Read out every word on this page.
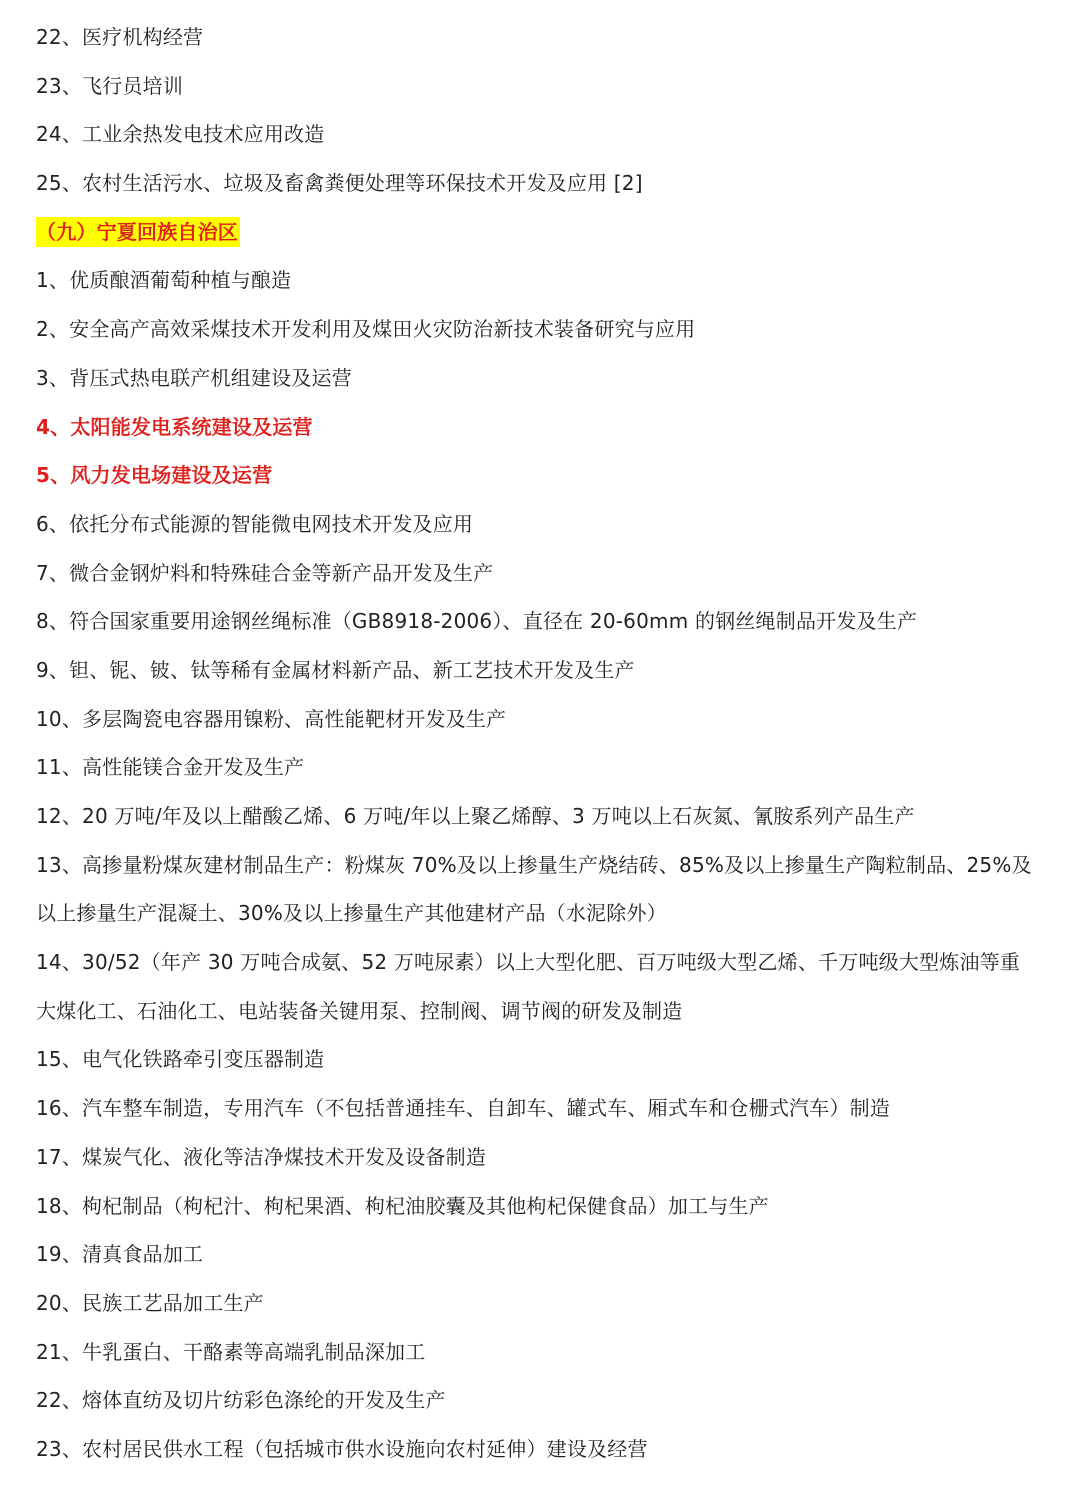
22、医疗机构经营
23、飞行员培训
24、工业余热发电技术应用改造
25、农村生活污水、垃圾及畜禽粪便处理等环保技术开发及应用 [2]
（九）宁夏回族自治区
1、优质酿酒葡萄种植与酿造
2、安全高产高效采煤技术开发利用及煤田火灾防治新技术装备研究与应用
3、背压式热电联产机组建设及运营
4、太阳能发电系统建设及运营
5、风力发电场建设及运营
6、依托分布式能源的智能微电网技术开发及应用
7、微合金钢炉料和特殊硅合金等新产品开发及生产
8、符合国家重要用途钢丝绳标准（GB8918-2006）、直径在 20-60mm 的钢丝绳制品开发及生产
9、钽、铌、铍、钛等稀有金属材料新产品、新工艺技术开发及生产
10、多层陶瓷电容器用镍粉、高性能靶材开发及生产
11、高性能镁合金开发及生产
12、20 万吨/年及以上醋酸乙烯、6 万吨/年以上聚乙烯醇、3 万吨以上石灰氮、氰胺系列产品生产
13、高掺量粉煤灰建材制品生产：粉煤灰 70%及以上掺量生产烧结砖、85%及以上掺量生产陶粒制品、25%及
以上掺量生产混凝土、30%及以上掺量生产其他建材产品（水泥除外）
14、30/52（年产 30 万吨合成氨、52 万吨尿素）以上大型化肥、百万吨级大型乙烯、千万吨级大型炼油等重
大煤化工、石油化工、电站装备关键用泵、控制阀、调节阀的研发及制造
15、电气化铁路牵引变压器制造
16、汽车整车制造，专用汽车（不包括普通挂车、自卸车、罐式车、厢式车和仓栅式汽车）制造
17、煤炭气化、液化等洁净煤技术开发及设备制造
18、枸杞制品（枸杞汁、枸杞果酒、枸杞油胶囊及其他枸杞保健食品）加工与生产
19、清真食品加工
20、民族工艺品加工生产
21、牛乳蛋白、干酪素等高端乳制品深加工
22、熔体直纺及切片纺彩色涤纶的开发及生产
23、农村居民供水工程（包括城市供水设施向农村延伸）建设及经营
